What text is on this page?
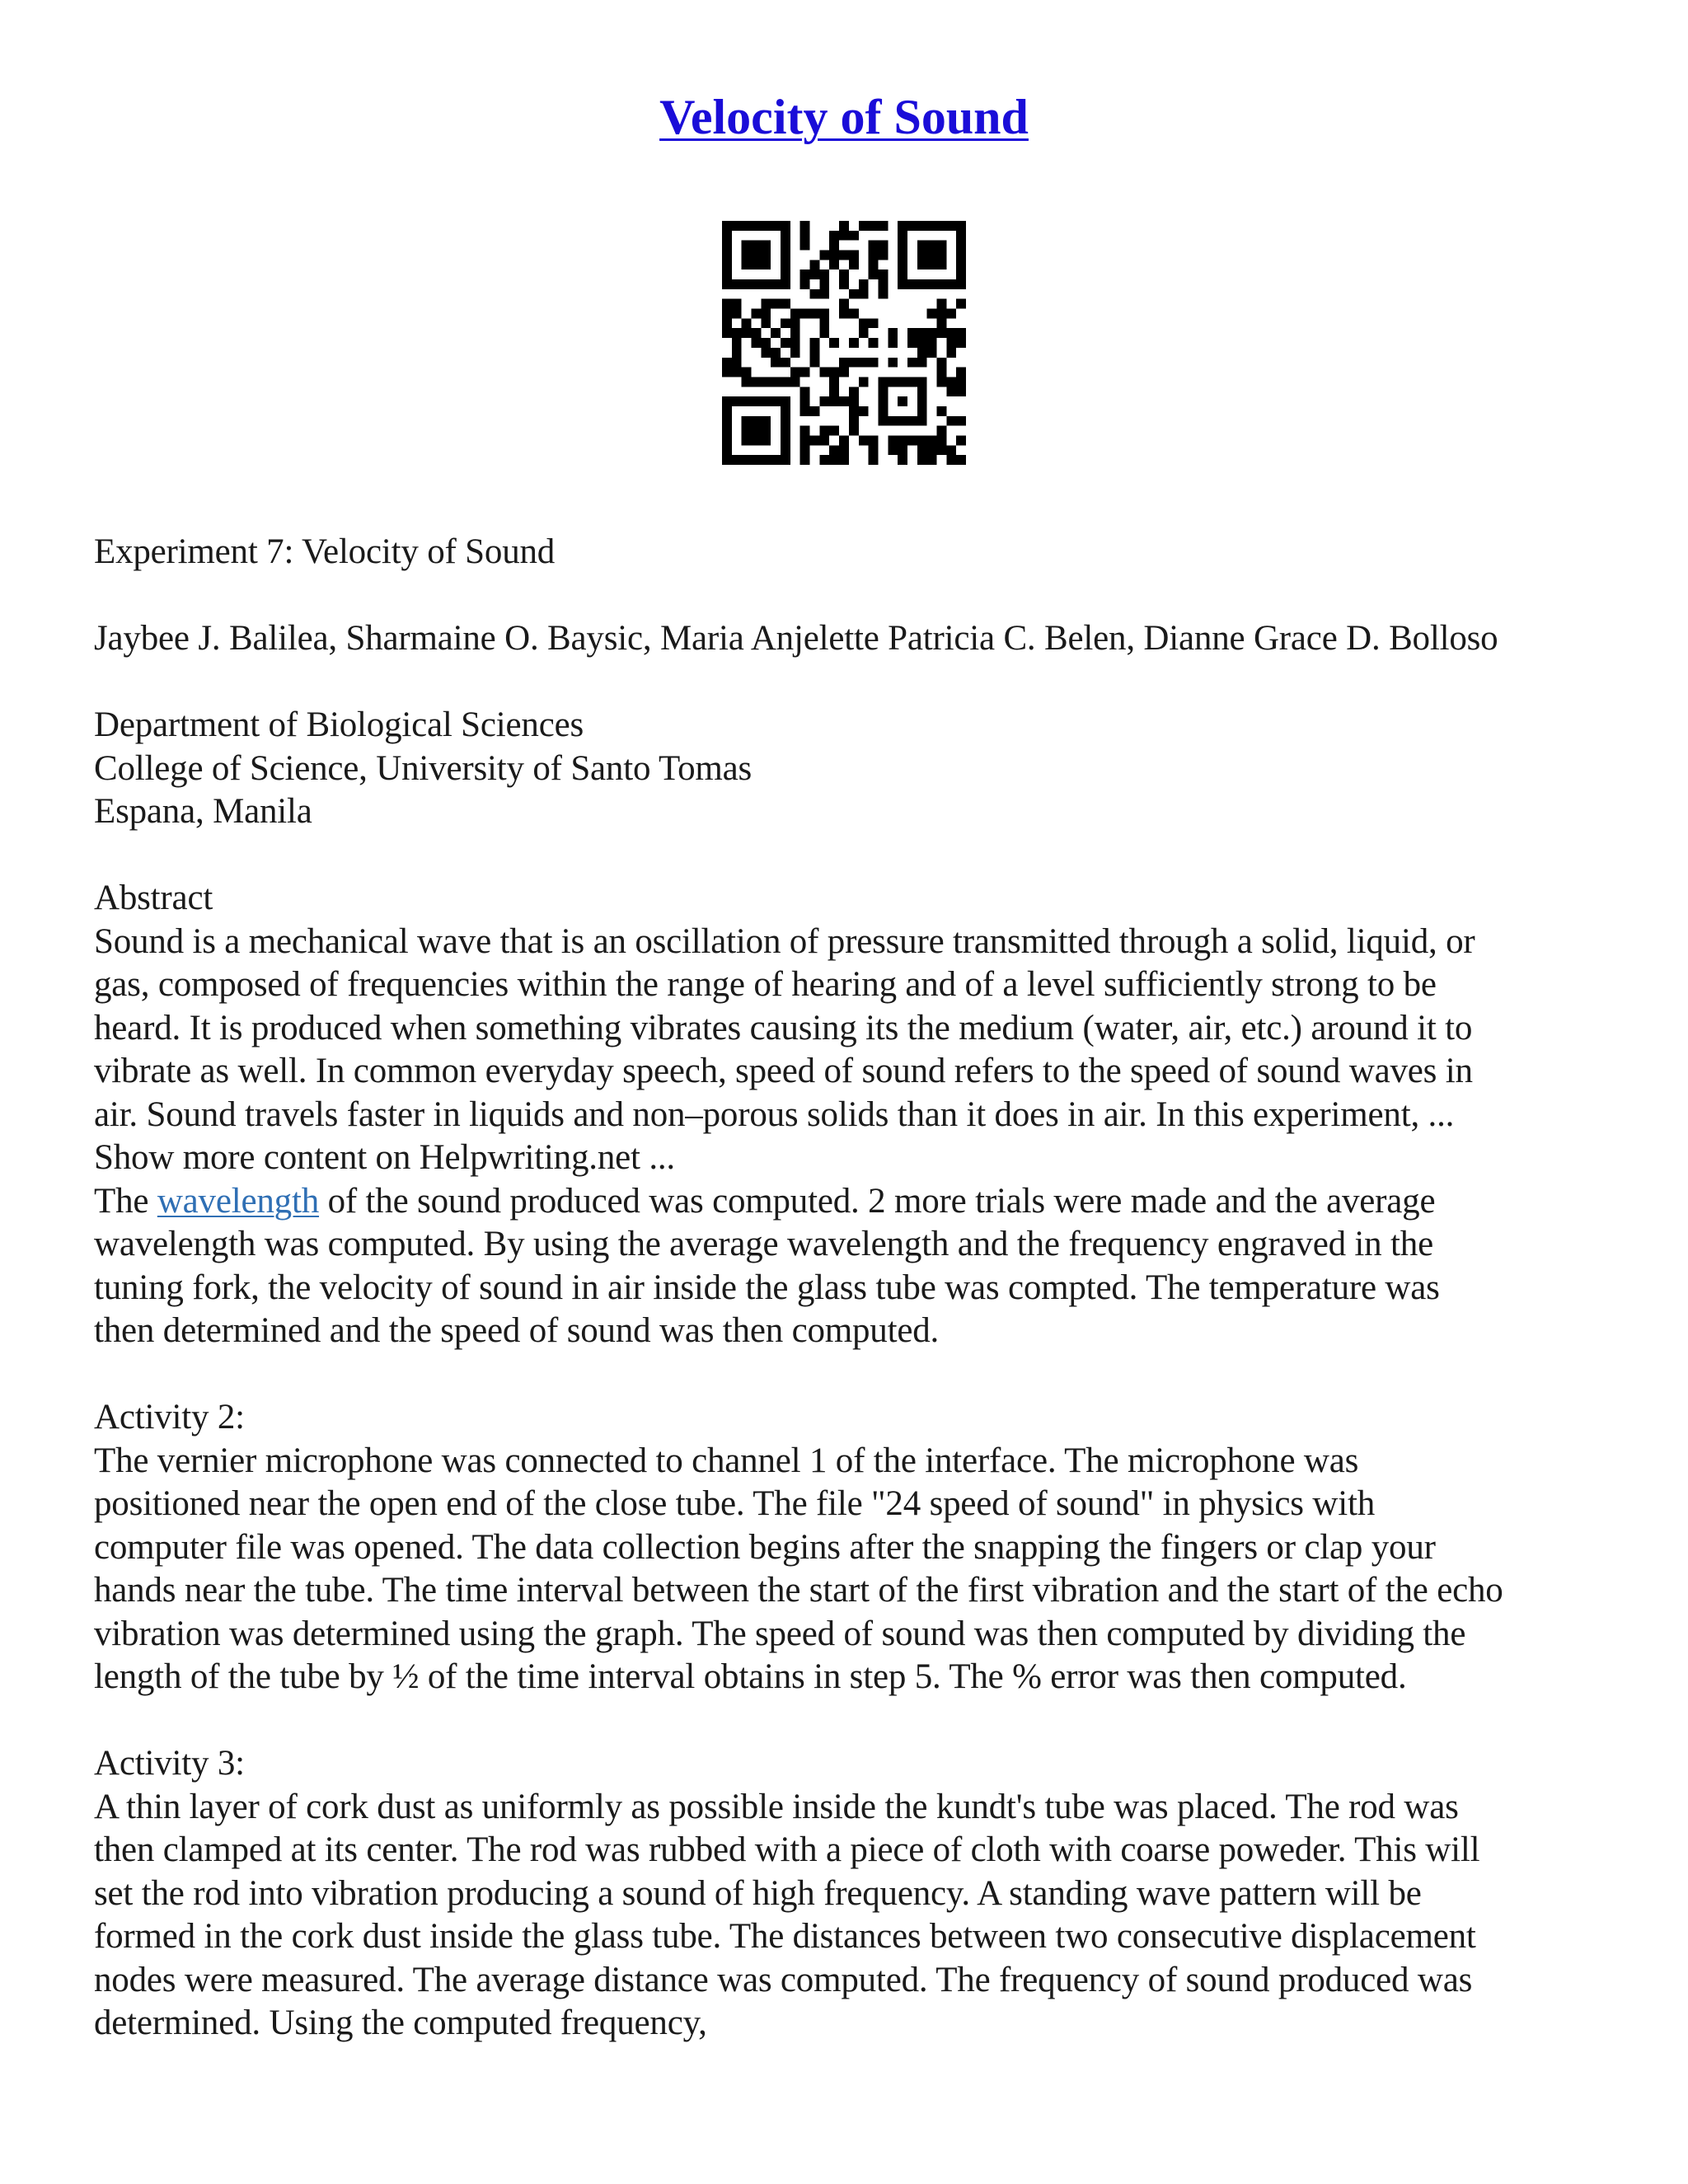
Velocity of Sound

Experiment 7: Velocity of Sound

Jaybee J. Balilea, Sharmaine O. Baysic, Maria Anjelette Patricia C. Belen, Dianne Grace D. Bolloso

Department of Biological Sciences

College of Science, University of Santo Tomas

Espana, Manila

Abstract

Sound is a mechanical wave that is an oscillation of pressure transmitted through a solid, liquid, or

gas, composed of frequencies within the range of hearing and of a level sufficiently strong to be

heard. It is produced when something vibrates causing its the medium (water, air, etc.) around it to

vibrate as well. In common everyday speech, speed of sound refers to the speed of sound waves in

air. Sound travels faster in liquids and non–porous solids than it does in air. In this experiment, ...

Show more content on Helpwriting.net ...

The wavelength of the sound produced was computed. 2 more trials were made and the average

wavelength was computed. By using the average wavelength and the frequency engraved in the

tuning fork, the velocity of sound in air inside the glass tube was compted. The temperature was

then determined and the speed of sound was then computed.

Activity 2:

The vernier microphone was connected to channel 1 of the interface. The microphone was

positioned near the open end of the close tube. The file "24 speed of sound" in physics with

computer file was opened. The data collection begins after the snapping the fingers or clap your

hands near the tube. The time interval between the start of the first vibration and the start of the echo

vibration was determined using the graph. The speed of sound was then computed by dividing the

length of the tube by ½ of the time interval obtains in step 5. The % error was then computed.

Activity 3:

A thin layer of cork dust as uniformly as possible inside the kundt's tube was placed. The rod was

then clamped at its center. The rod was rubbed with a piece of cloth with coarse poweder. This will

set the rod into vibration producing a sound of high frequency. A standing wave pattern will be

formed in the cork dust inside the glass tube. The distances between two consecutive displacement

nodes were measured. The average distance was computed. The frequency of sound produced was

determined. Using the computed frequency,
